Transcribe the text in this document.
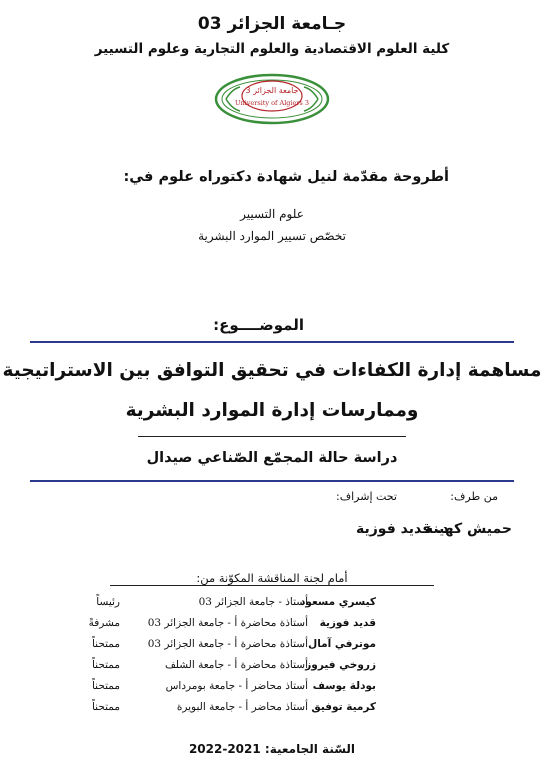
جـامعة الجزائر 03
كلية العلوم الاقتصادية والعلوم التجارية وعلوم التسيير
جامعة الجزائر 3
University of Algiers 3
أطروحة مقدّمة لنيل شهادة دكتوراه علوم في:
علوم التسيير
تخصّص تسيير الموارد البشرية
الموضــــوع:
مساهمة إدارة الكفاءات في تحقيق التوافق بين الاستراتيجية
وممارسات إدارة الموارد البشرية
دراسة حالة المجمّع الصّناعي صيدال
من طرف:
تحت إشراف:
حميش كهينة
د. قديد فوزية
أمام لجنة المناقشة المكوّنة من:
كيسري مسعود
أستاذ - جامعة الجزائر 03
رئيساً
قديد فوزية
أستاذة محاضرة أ - جامعة الجزائر 03
مشرفةً
موترفي آمال
أستاذة محاضرة أ - جامعة الجزائر 03
ممتحناً
زروخي فيروز
أستاذة محاضرة أ - جامعة الشلف
ممتحناً
بودلة يوسف
أستاذ محاضر أ - جامعة بومرداس
ممتحناً
كرمية توفيق
أستاذ محاضر أ - جامعة البويرة
ممتحناً
السّنة الجامعية: 2021-2022
